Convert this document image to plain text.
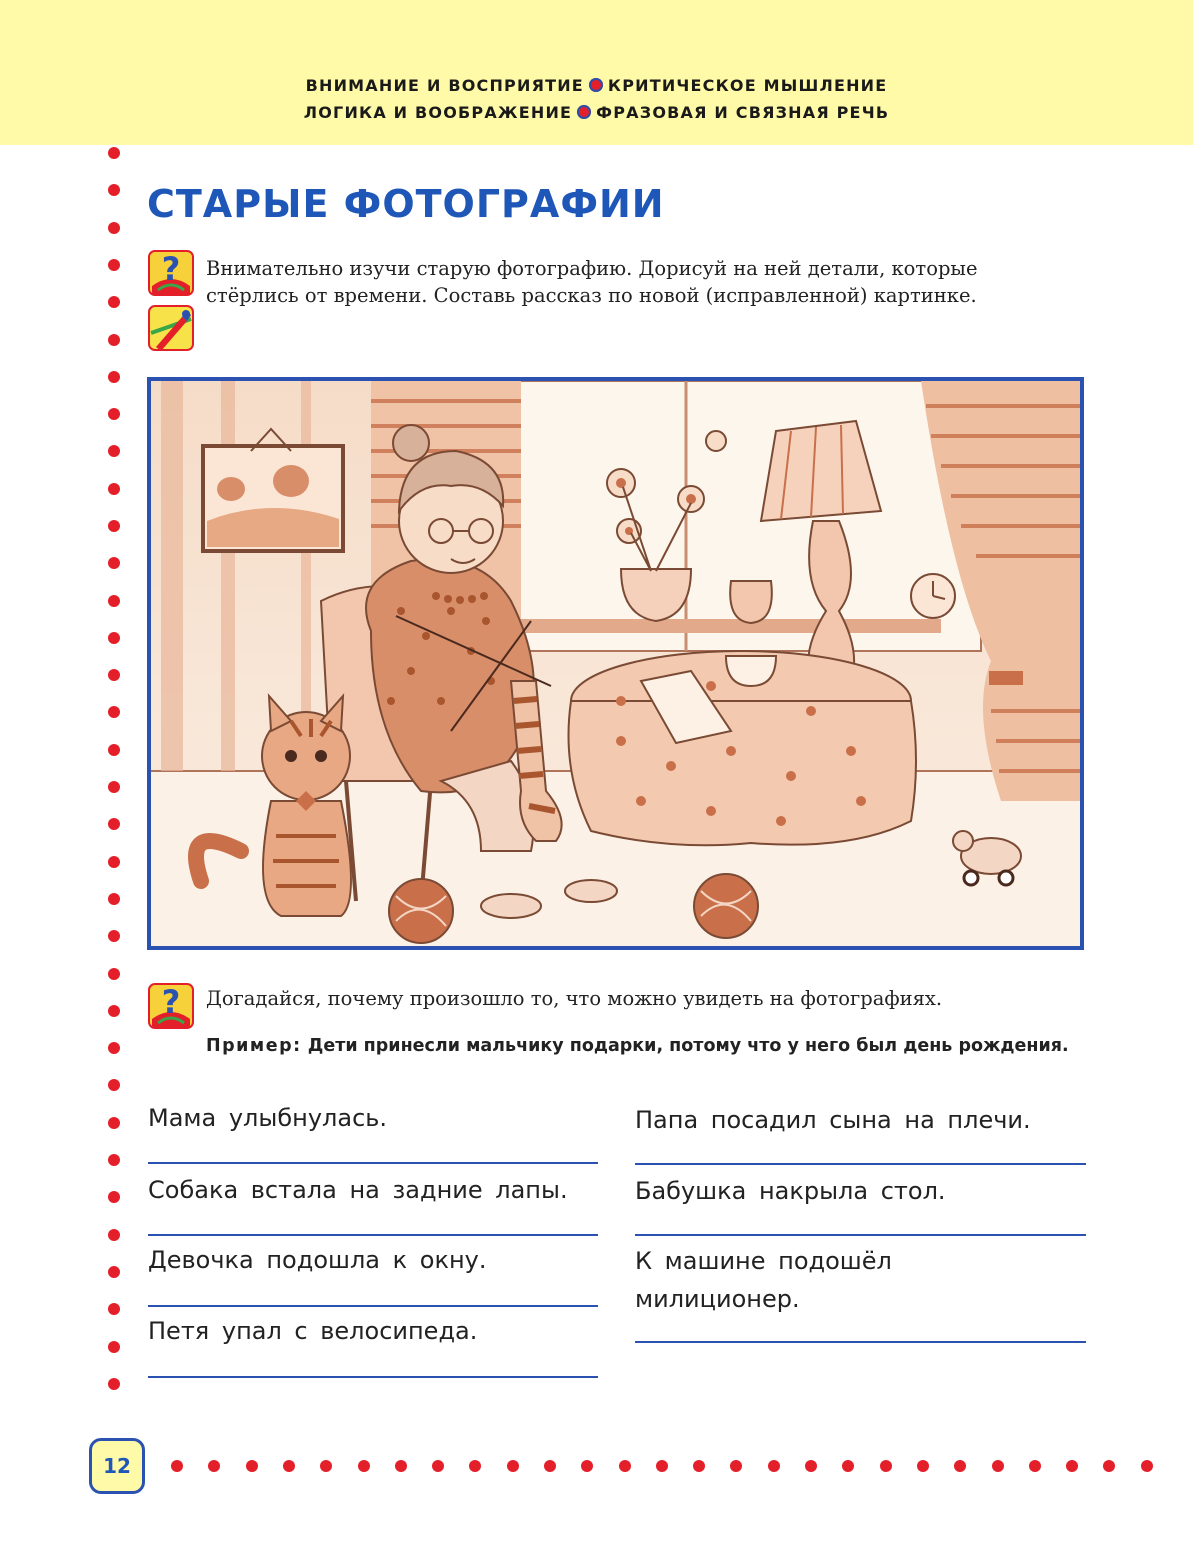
ВНИМАНИЕ И ВОСПРИЯТИЕ КРИТИЧЕСКОЕ МЫШЛЕНИЕ
ЛОГИКА И ВООБРАЖЕНИЕ ФРАЗОВАЯ И СВЯЗНАЯ РЕЧЬ
СТАРЫЕ ФОТОГРАФИИ
? Внимательно изучи старую фотографию. Дорисуй на ней детали, которые
стёрлись от времени. Составь рассказ по новой (исправленной) картинке.
? Догадайся, почему произошло то, что можно увидеть на фотографиях.
Пример: Дети принесли мальчику подарки, потому что у него был день рождения.
Мама улыбнулась.
Собака встала на задние лапы.
Девочка подошла к окну.
Петя упал с велосипеда.
Папа посадил сына на плечи.
Бабушка накрыла стол.
К машине подошёл
милиционер.
12
